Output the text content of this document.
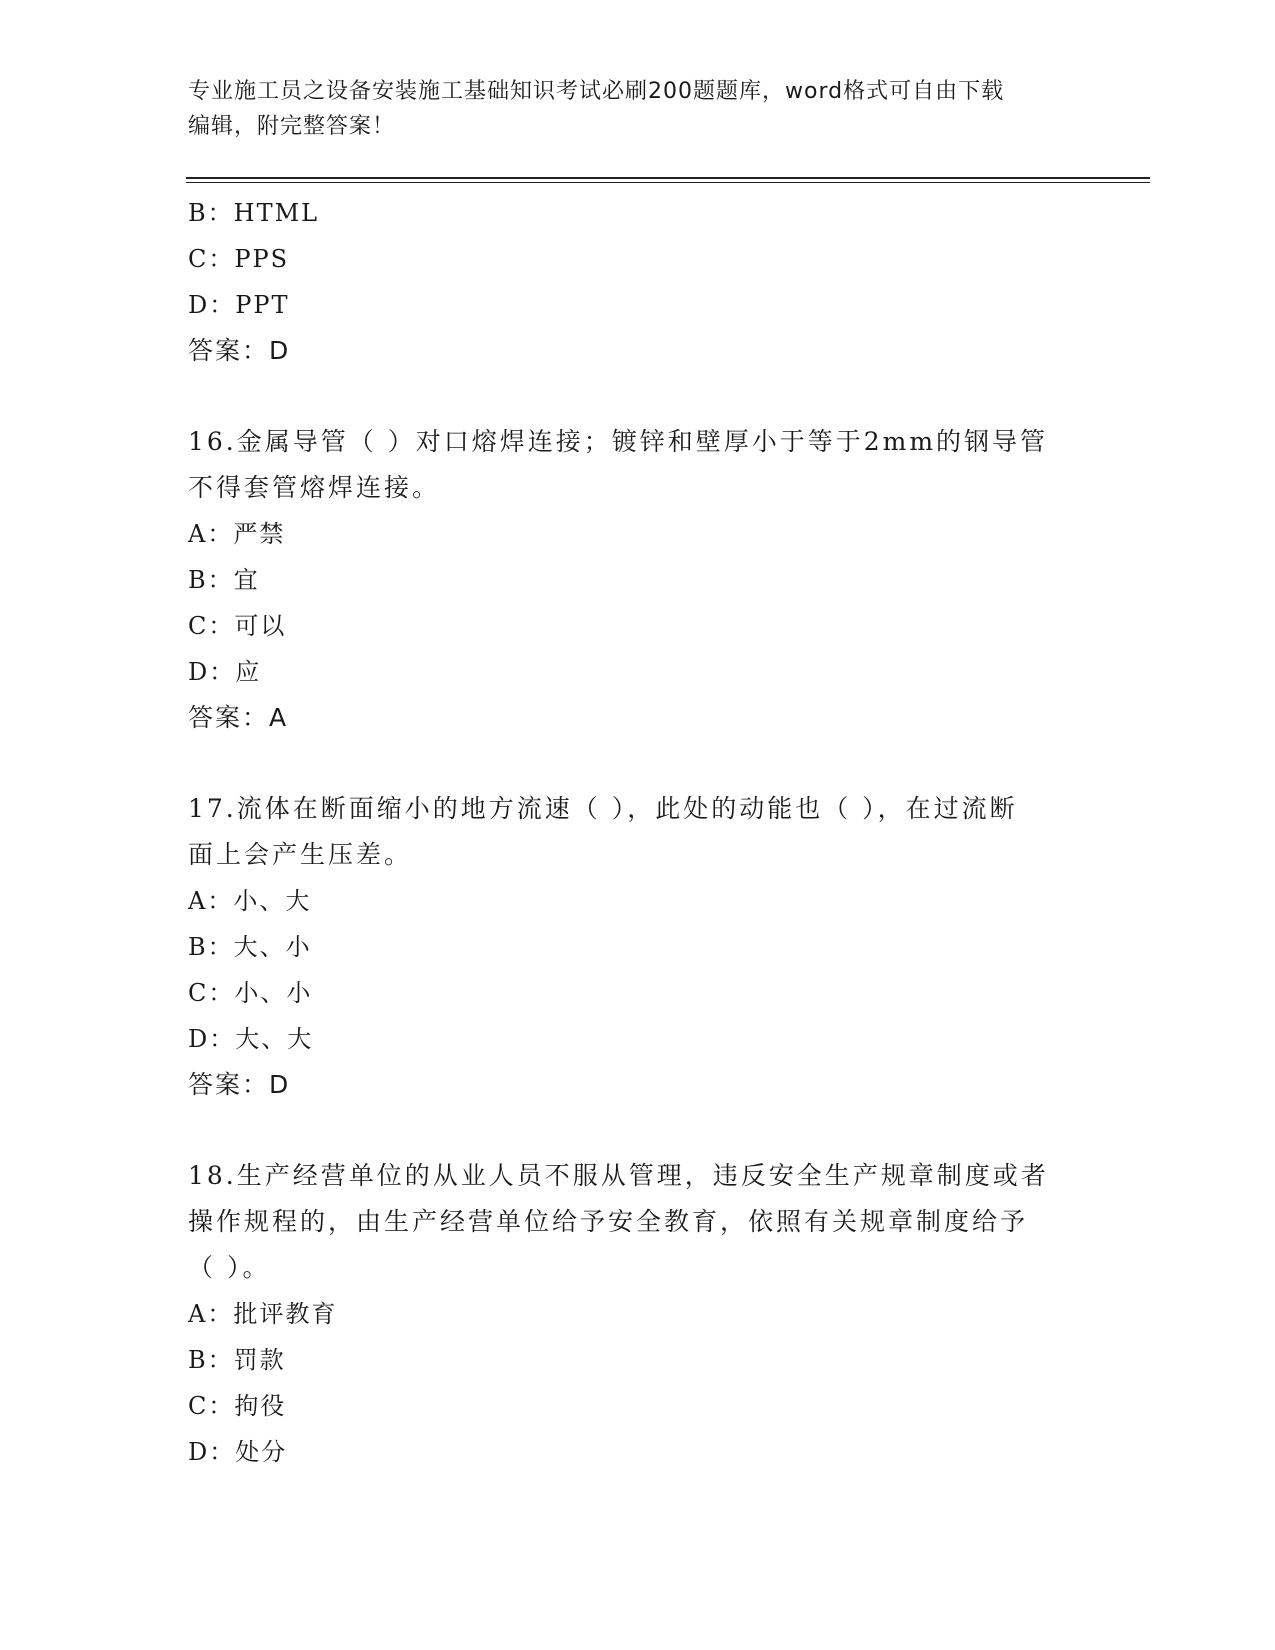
专业施工员之设备安装施工基础知识考试必刷200题题库，word格式可自由下载
编辑，附完整答案！
B：HTML
C：PPS
D：PPT
答案：D
16.金属导管（ ）对口熔焊连接；镀锌和壁厚小于等于2mm的钢导管
不得套管熔焊连接。
A：严禁
B：宜
C：可以
D：应
答案：A
17.流体在断面缩小的地方流速（ ），此处的动能也（ ），在过流断
面上会产生压差。
A：小、大
B：大、小
C：小、小
D：大、大
答案：D
18.生产经营单位的从业人员不服从管理，违反安全生产规章制度或者
操作规程的，由生产经营单位给予安全教育，依照有关规章制度给予
（ ）。
A：批评教育
B：罚款
C：拘役
D：处分
